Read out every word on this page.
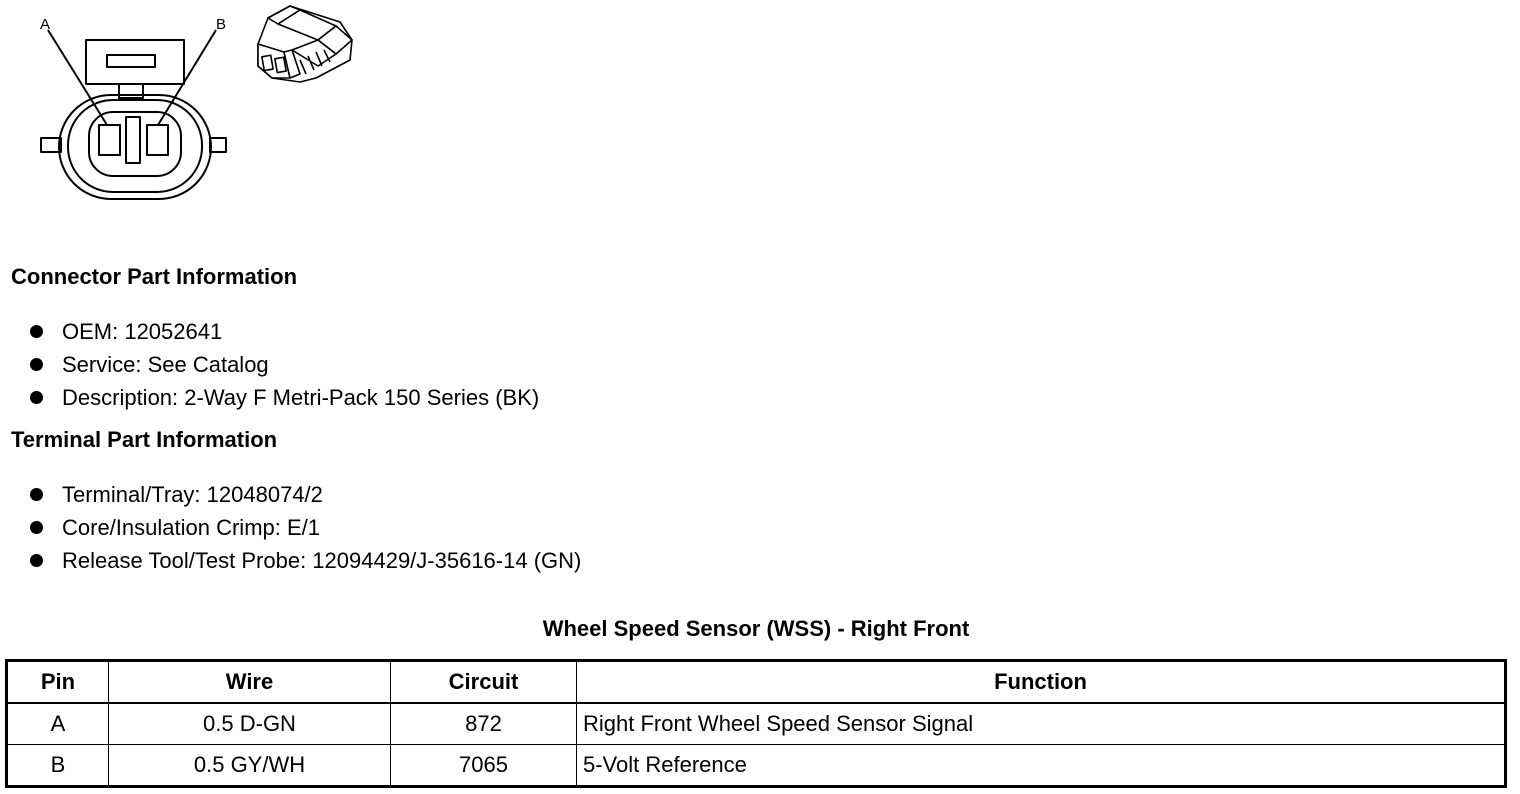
A	B
Connector Part Information
OEM: 12052641
Service: See Catalog
Description: 2-Way F Metri-Pack 150 Series (BK)
Terminal Part Information
Terminal/Tray: 12048074/2
Core/Insulation Crimp: E/1
Release Tool/Test Probe: 12094429/J-35616-14 (GN)
Wheel Speed Sensor (WSS) - Right Front
Pin	Wire	Circuit	Function
A	0.5 D-GN	872	Right Front Wheel Speed Sensor Signal
B	0.5 GY/WH	7065	5-Volt Reference
